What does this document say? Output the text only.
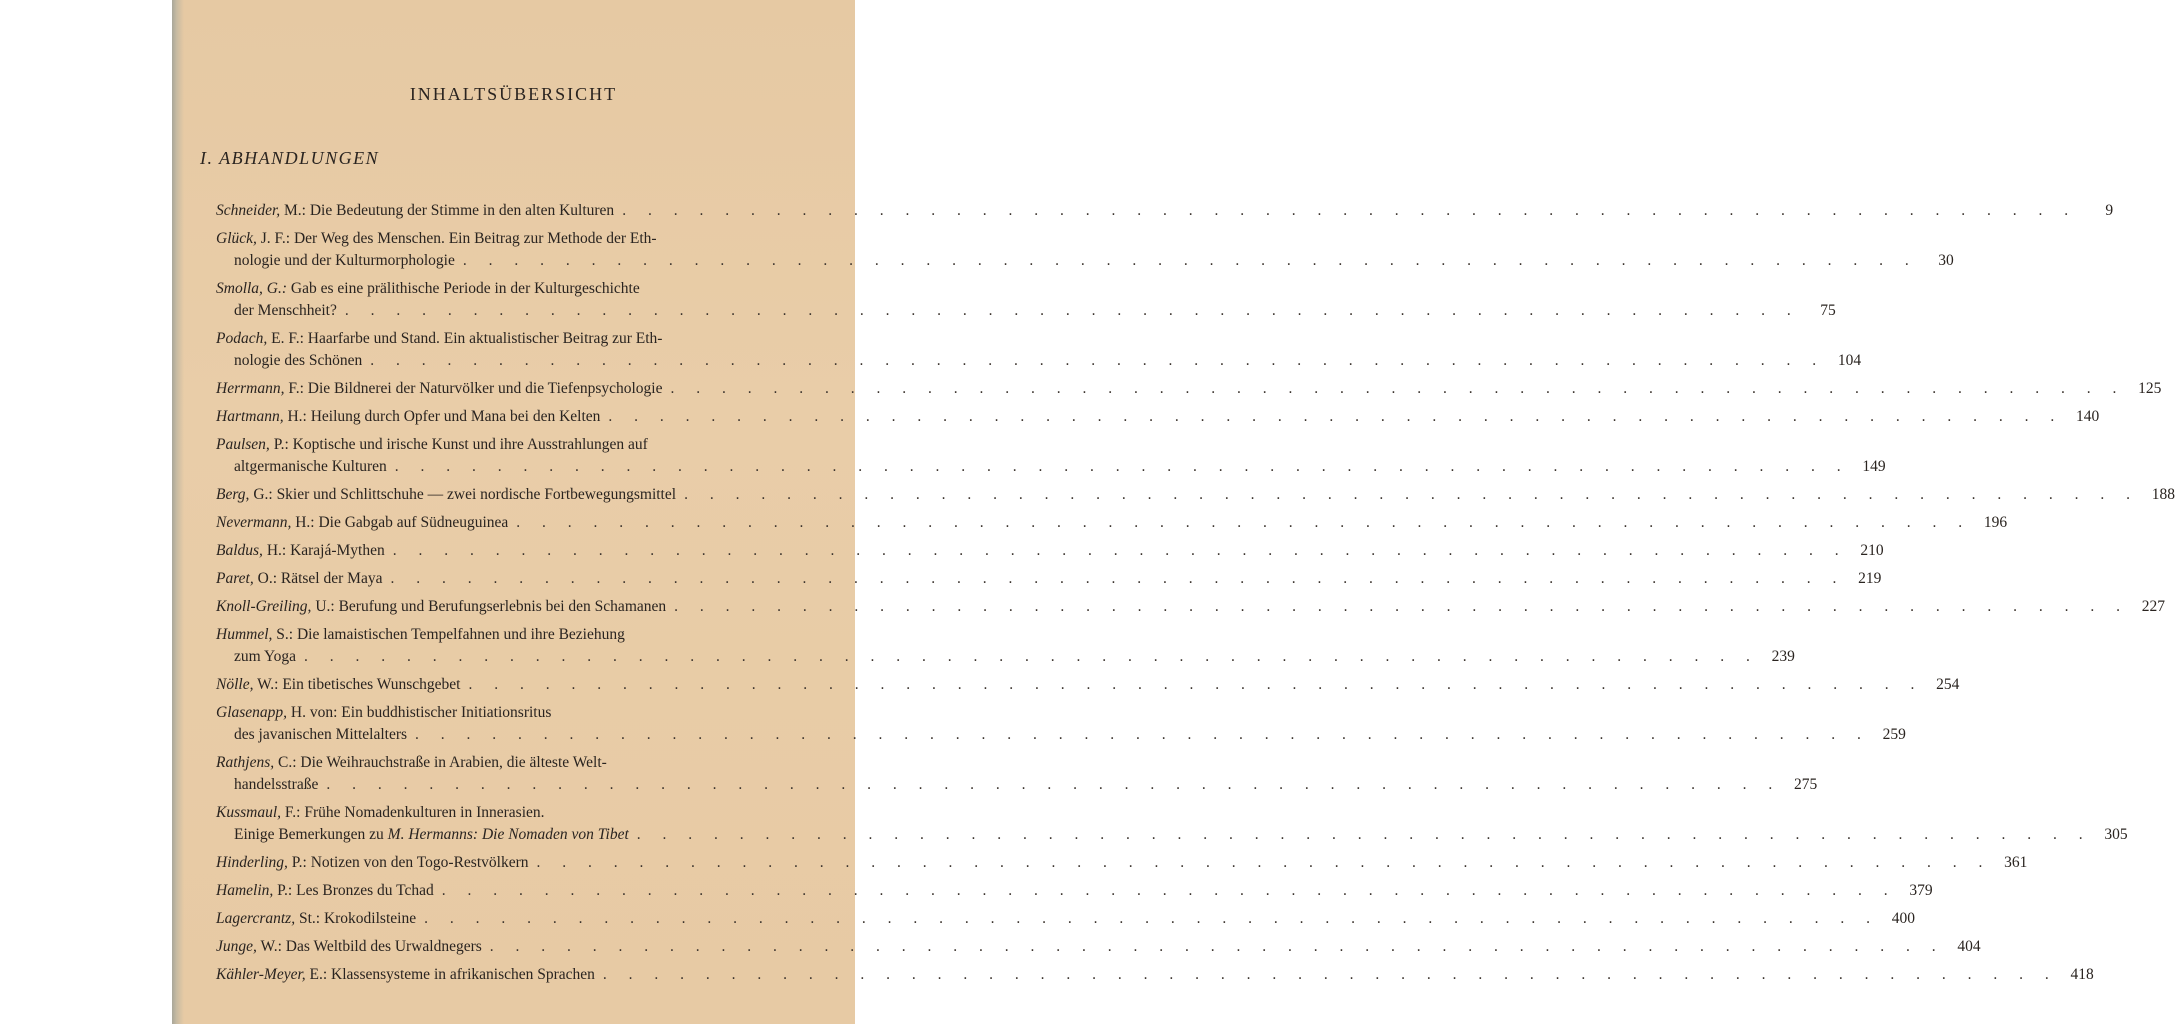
INHALTSÜBERSICHT
I. ABHANDLUNGEN
Schneider, M.: Die Bedeutung der Stimme in den alten Kulturen . . .	9
Glück, J. F.: Der Weg des Menschen. Ein Beitrag zur Methode der Eth-
nologie und der Kulturmorphologie . . .	30
Smolla, G.: Gab es eine prälithische Periode in der Kulturgeschichte
der Menschheit? . . .	75
Podach, E. F.: Haarfarbe und Stand. Ein aktualistischer Beitrag zur Eth-
nologie des Schönen . . .	104
Herrmann, F.: Die Bildnerei der Naturvölker und die Tiefenpsychologie . . .	125
Hartmann, H.: Heilung durch Opfer und Mana bei den Kelten . . .	140
Paulsen, P.: Koptische und irische Kunst und ihre Ausstrahlungen auf
altgermanische Kulturen . . .	149
Berg, G.: Skier und Schlittschuhe — zwei nordische Fortbewegungsmittel . . .	188
Nevermann, H.: Die Gabgab auf Südneuguinea . . .	196
Baldus, H.: Karajá-Mythen . . .	210
Paret, O.: Rätsel der Maya . . .	219
Knoll-Greiling, U.: Berufung und Berufungserlebnis bei den Schamanen . . .	227
Hummel, S.: Die lamaistischen Tempelfahnen und ihre Beziehung
zum Yoga . . .	239
Nölle, W.: Ein tibetisches Wunschgebet . . .	254
Glasenapp, H. von: Ein buddhistischer Initiationsritus
des javanischen Mittelalters . . .	259
Rathjens, C.: Die Weihrauchstraße in Arabien, die älteste Welt-
handelsstraße . . .	275
Kussmaul, F.: Frühe Nomadenkulturen in Innerasien.
Einige Bemerkungen zu M. Hermanns: Die Nomaden von Tibet . . .	305
Hinderling, P.: Notizen von den Togo-Restvölkern . . .	361
Hamelin, P.: Les Bronzes du Tchad . . .	379
Lagercrantz, St.: Krokodilsteine . . .	400
Junge, W.: Das Weltbild des Urwaldnegers . . .	404
Kähler-Meyer, E.: Klassensysteme in afrikanischen Sprachen . . .	418
